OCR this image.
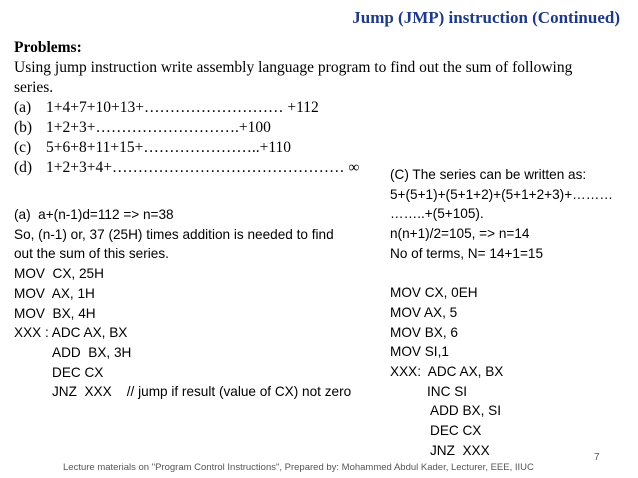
Jump (JMP) instruction (Continued)
Problems:
Using jump instruction write assembly language program to find out the sum of following
series.
(a) 1+4+7+10+13+……………………… +112
(b) 1+2+3+……………………….+100
(c) 5+6+8+11+15+…………………..+110
(d) 1+2+3+4+……………………………………… ∞
(a)  a+(n-1)d=112 => n=38
So, (n-1) or, 37 (25H) times addition is needed to find
out the sum of this series.
MOV  CX, 25H
MOV  AX, 1H
MOV  BX, 4H
XXX : ADC AX, BX
ADD  BX, 3H
DEC CX
JNZ  XXX    // jump if result (value of CX) not zero
(C) The series can be written as:
5+(5+1)+(5+1+2)+(5+1+2+3)+………
……..+(5+105).
n(n+1)/2=105, => n=14
No of terms, N= 14+1=15
MOV CX, 0EH
MOV AX, 5
MOV BX, 6
MOV SI,1
XXX:  ADC AX, BX
INC SI
ADD BX, SI
DEC CX
JNZ  XXX
Lecture materials on "Program Control Instructions", Prepared by: Mohammed Abdul Kader, Lecturer, EEE, IIUC
7
